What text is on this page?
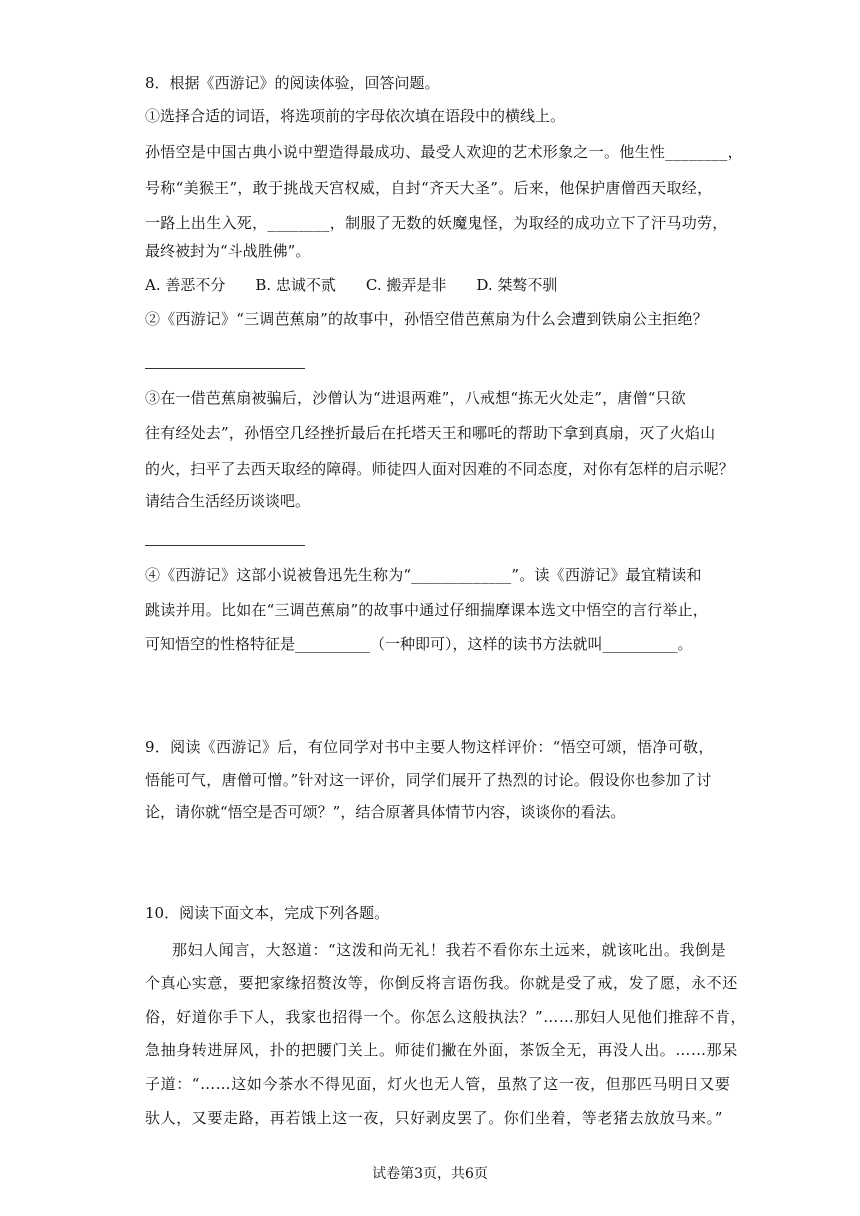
8．根据《西游记》的阅读体验，回答问题。
①选择合适的词语，将选项前的字母依次填在语段中的横线上。
孙悟空是中国古典小说中塑造得最成功、最受人欢迎的艺术形象之一。他生性________，
号称“美猴王”，敢于挑战天宫权威，自封“齐天大圣”。后来，他保护唐僧西天取经，
一路上出生入死，________，制服了无数的妖魔鬼怪，为取经的成功立下了汗马功劳，
最终被封为“斗战胜佛”。
A. 善恶不分　　B. 忠诚不贰　　C. 搬弄是非　　D. 桀骜不驯
②《西游记》“三调芭蕉扇”的故事中，孙悟空借芭蕉扇为什么会遭到铁扇公主拒绝？
③在一借芭蕉扇被骗后，沙僧认为“进退两难”，八戒想“拣无火处走”，唐僧“只欲
往有经处去”，孙悟空几经挫折最后在托塔天王和哪吒的帮助下拿到真扇，灭了火焰山
的火，扫平了去西天取经的障碍。师徒四人面对因难的不同态度，对你有怎样的启示呢？
请结合生活经历谈谈吧。
④《西游记》这部小说被鲁迅先生称为“_____________”。读《西游记》最宜精读和
跳读并用。比如在“三调芭蕉扇”的故事中通过仔细揣摩课本选文中悟空的言行举止，
可知悟空的性格特征是__________（一种即可），这样的读书方法就叫__________。
9．阅读《西游记》后，有位同学对书中主要人物这样评价：“悟空可颂，悟净可敬，
悟能可气，唐僧可憎。”针对这一评价，同学们展开了热烈的讨论。假设你也参加了讨
论，请你就“悟空是否可颂？”，结合原著具体情节内容，谈谈你的看法。
10．阅读下面文本，完成下列各题。
那妇人闻言，大怒道：“这泼和尚无礼！我若不看你东土远来，就该叱出。我倒是
个真心实意，要把家缘招赘汝等，你倒反将言语伤我。你就是受了戒，发了愿，永不还
俗，好道你手下人，我家也招得一个。你怎么这般执法？”……那妇人见他们推辞不肯，
急抽身转进屏风，扑的把腰门关上。师徒们撇在外面，茶饭全无，再没人出。……那呆
子道：“……这如今茶水不得见面，灯火也无人管，虽熬了这一夜，但那匹马明日又要
驮人，又要走路，再若饿上这一夜，只好剥皮罢了。你们坐着，等老猪去放放马来。”
试卷第3页，共6页
